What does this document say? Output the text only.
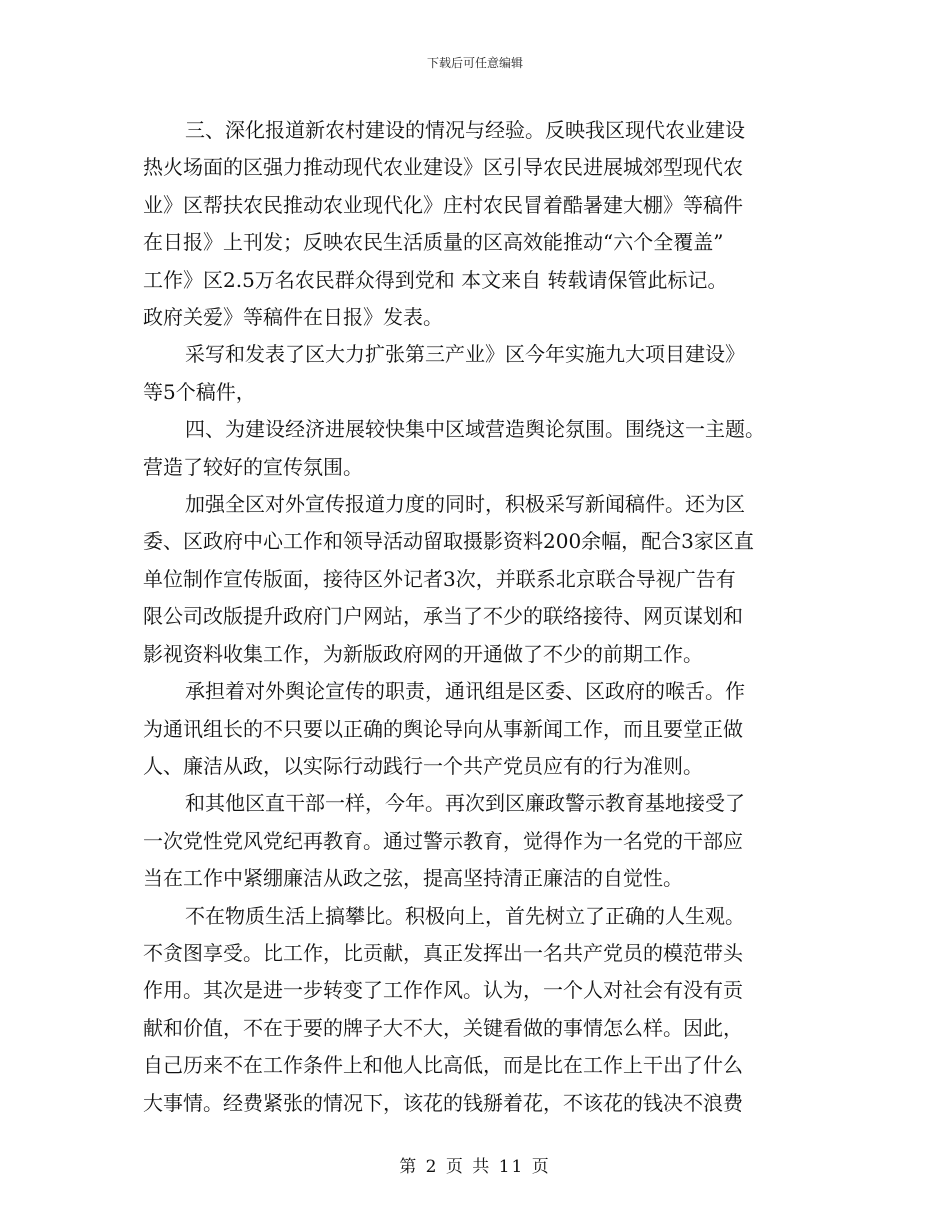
下载后可任意编辑

三、深化报道新农村建设的情况与经验。反映我区现代农业建设
热火场面的区强力推动现代农业建设》区引导农民进展城郊型现代农
业》区帮扶农民推动农业现代化》庄村农民冒着酷暑建大棚》等稿件
在日报》上刊发；反映农民生活质量的区高效能推动“六个全覆盖”
工作》区2.5万名农民群众得到党和 本文来自 转载请保管此标记。
政府关爱》等稿件在日报》发表。

采写和发表了区大力扩张第三产业》区今年实施九大项目建设》
等5个稿件，

四、为建设经济进展较快集中区域营造舆论氛围。围绕这一主题。
营造了较好的宣传氛围。

加强全区对外宣传报道力度的同时，积极采写新闻稿件。还为区
委、区政府中心工作和领导活动留取摄影资料200余幅，配合3家区直
单位制作宣传版面，接待区外记者3次，并联系北京联合导视广告有
限公司改版提升政府门户网站，承当了不少的联络接待、网页谋划和
影视资料收集工作，为新版政府网的开通做了不少的前期工作。

承担着对外舆论宣传的职责，通讯组是区委、区政府的喉舌。作
为通讯组长的不只要以正确的舆论导向从事新闻工作，而且要堂正做
人、廉洁从政，以实际行动践行一个共产党员应有的行为准则。

和其他区直干部一样，今年。再次到区廉政警示教育基地接受了
一次党性党风党纪再教育。通过警示教育，觉得作为一名党的干部应
当在工作中紧绷廉洁从政之弦，提高坚持清正廉洁的自觉性。

不在物质生活上搞攀比。积极向上，首先树立了正确的人生观。
不贪图享受。比工作，比贡献，真正发挥出一名共产党员的模范带头
作用。其次是进一步转变了工作作风。认为，一个人对社会有没有贡
献和价值，不在于要的牌子大不大，关键看做的事情怎么样。因此，
自己历来不在工作条件上和他人比高低，而是比在工作上干出了什么
大事情。经费紧张的情况下，该花的钱掰着花，不该花的钱决不浪费

第 2 页 共 11 页
